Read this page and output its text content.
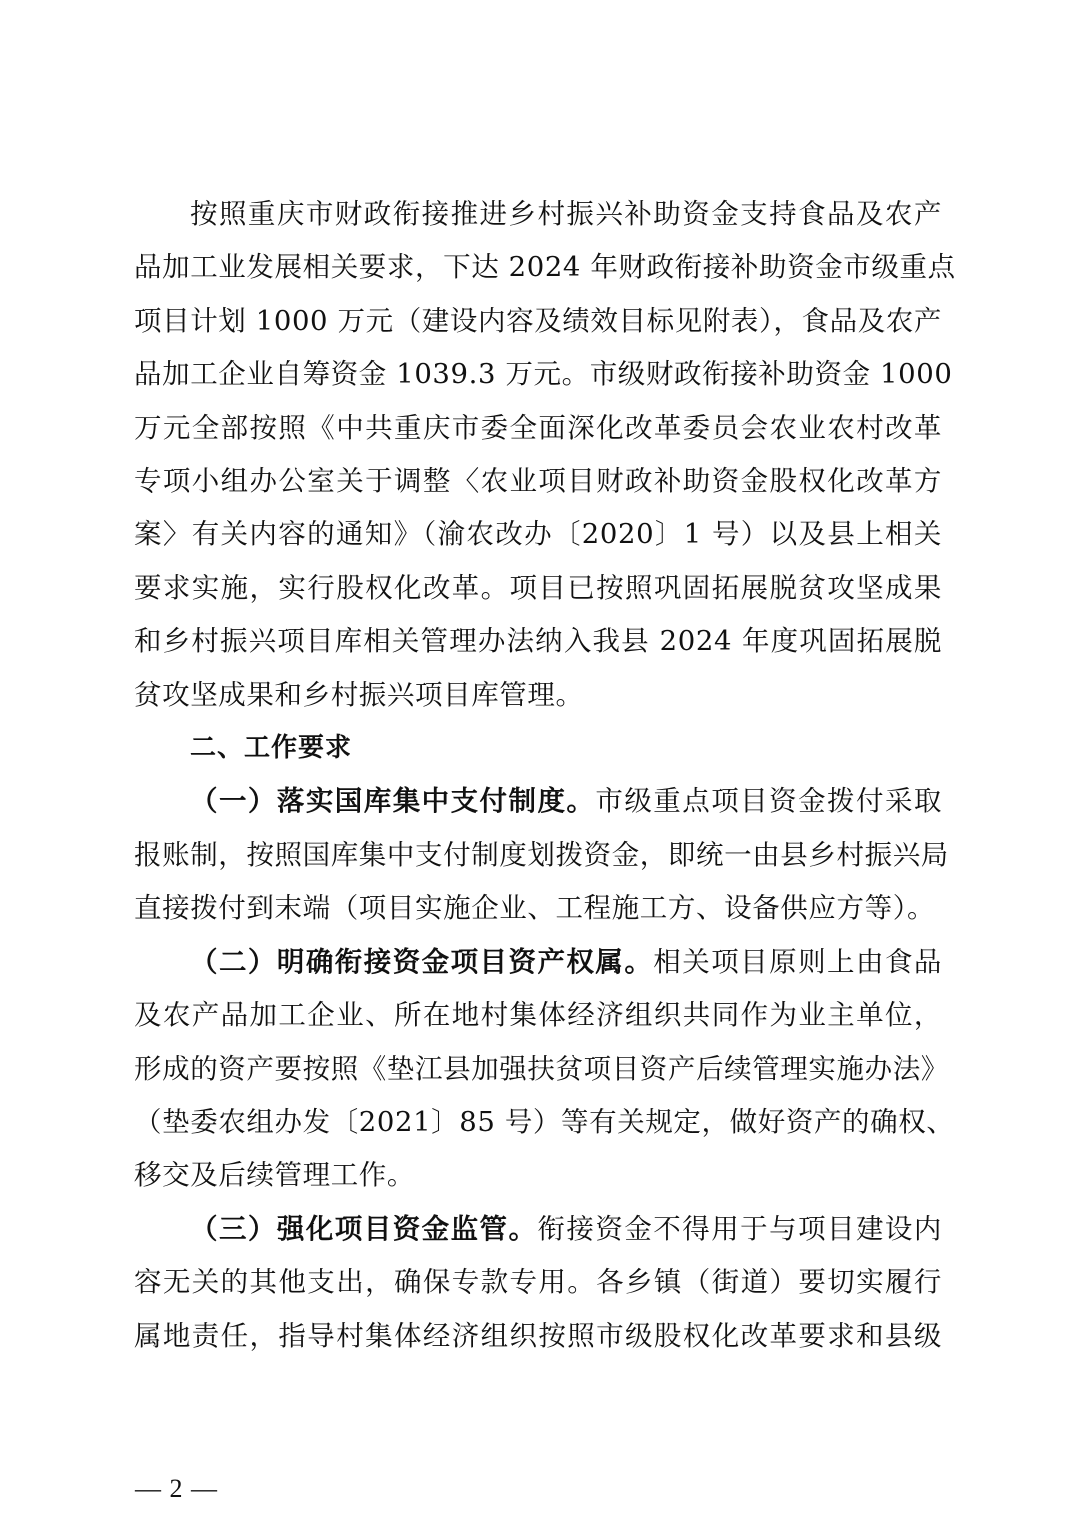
按照重庆市财政衔接推进乡村振兴补助资金支持食品及农产
品加工业发展相关要求，下达 2024 年财政衔接补助资金市级重点
项目计划 1000 万元（建设内容及绩效目标见附表），食品及农产
品加工企业自筹资金 1039.3 万元。市级财政衔接补助资金 1000
万元全部按照《中共重庆市委全面深化改革委员会农业农村改革
专项小组办公室关于调整〈农业项目财政补助资金股权化改革方
案〉有关内容的通知》（渝农改办〔2020〕1 号）以及县上相关
要求实施，实行股权化改革。项目已按照巩固拓展脱贫攻坚成果
和乡村振兴项目库相关管理办法纳入我县 2024 年度巩固拓展脱
贫攻坚成果和乡村振兴项目库管理。
二、工作要求
（一）落实国库集中支付制度。市级重点项目资金拨付采取
报账制，按照国库集中支付制度划拨资金，即统一由县乡村振兴局
直接拨付到末端（项目实施企业、工程施工方、设备供应方等）。
（二）明确衔接资金项目资产权属。相关项目原则上由食品
及农产品加工企业、所在地村集体经济组织共同作为业主单位，
形成的资产要按照《垫江县加强扶贫项目资产后续管理实施办法》
（垫委农组办发〔2021〕85 号）等有关规定，做好资产的确权、
移交及后续管理工作。
（三）强化项目资金监管。衔接资金不得用于与项目建设内
容无关的其他支出，确保专款专用。各乡镇（街道）要切实履行
属地责任，指导村集体经济组织按照市级股权化改革要求和县级
— 2 —
